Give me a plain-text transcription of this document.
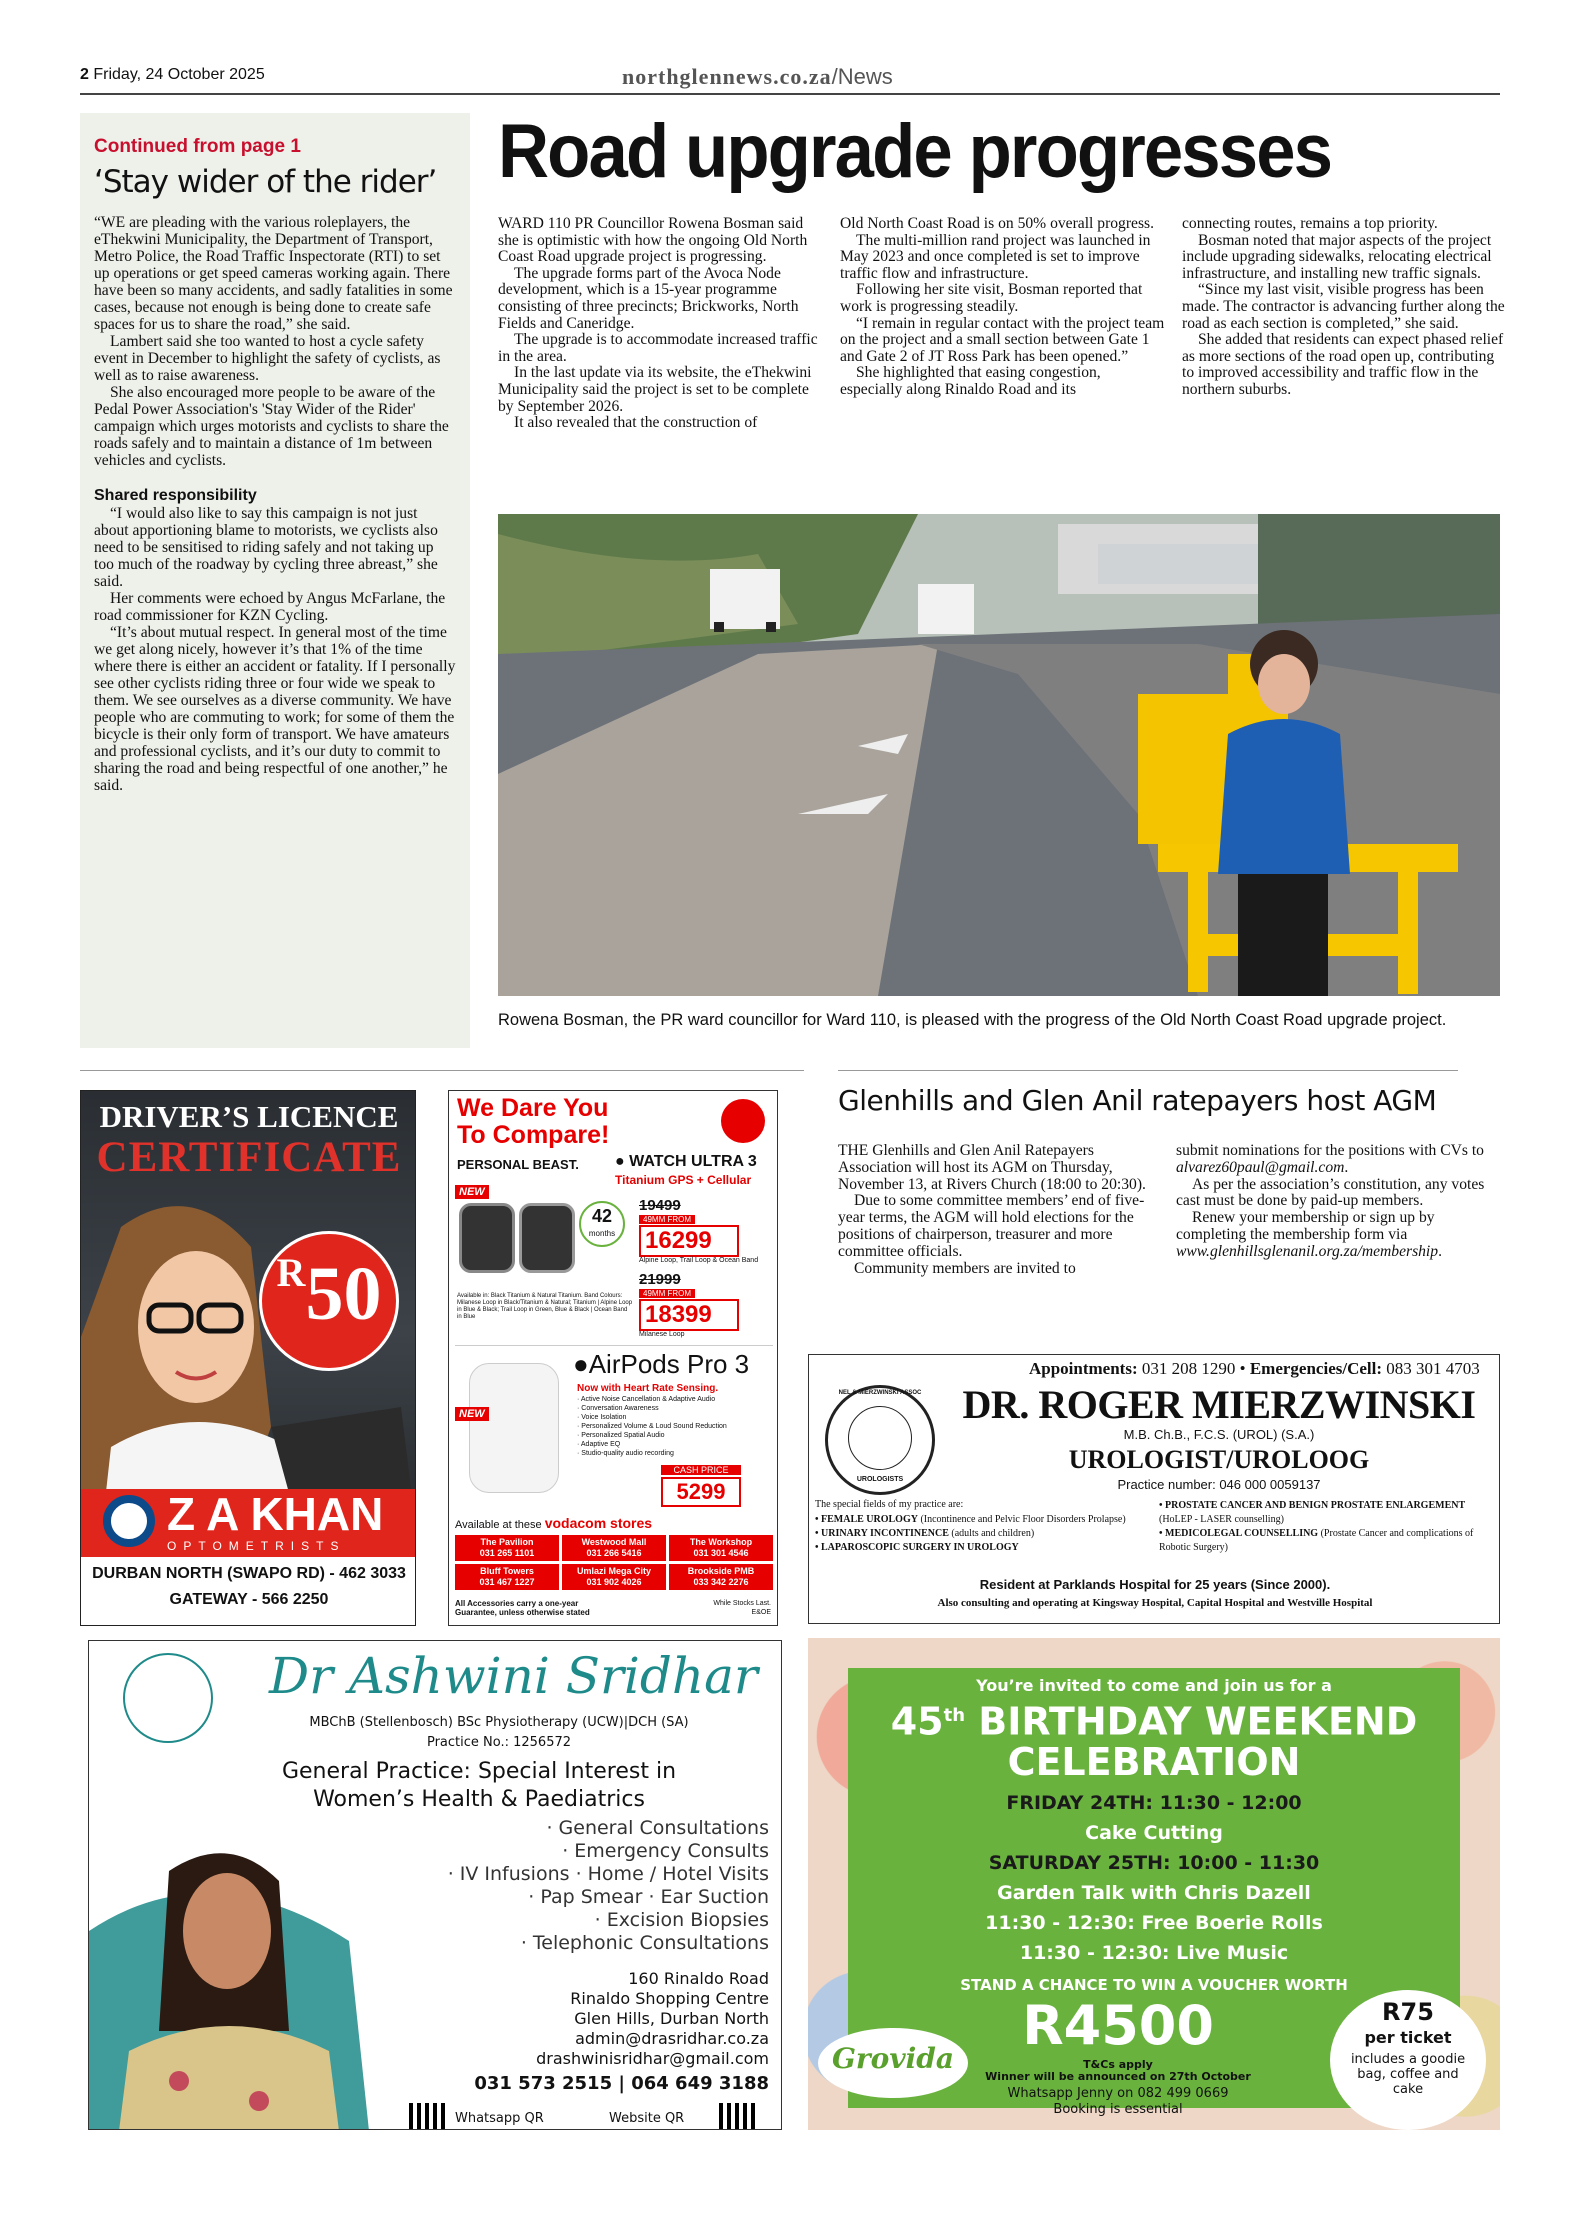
2 Friday, 24 October 2025	northglennews.co.za/News
Continued from page 1
‘Stay wider of the rider’

“WE are pleading with the various roleplayers, the eThekwini Municipality, the Department of Transport, Metro Police, the Road Traffic Inspectorate (RTI) to set up operations or get speed cameras working again. There have been so many accidents, and sadly fatalities in some cases, because not enough is being done to create safe spaces for us to share the road,” she said.

Lambert said she too wanted to host a cycle safety event in December to highlight the safety of cyclists, as well as to raise awareness.

She also encouraged more people to be aware of the Pedal Power Association's 'Stay Wider of the Rider' campaign which urges motorists and cyclists to share the roads safely and to maintain a distance of 1m between vehicles and cyclists.

Shared responsibility

“I would also like to say this campaign is not just about apportioning blame to motorists, we cyclists also need to be sensitised to riding safely and not taking up too much of the roadway by cycling three abreast,” she said.

Her comments were echoed by Angus McFarlane, the road commissioner for KZN Cycling.

“It’s about mutual respect. In general most of the time we get along nicely, however it’s that 1% of the time where there is either an accident or fatality. If I personally see other cyclists riding three or four wide we speak to them. We see ourselves as a diverse community. We have people who are commuting to work; for some of them the bicycle is their only form of transport. We have amateurs and professional cyclists, and it’s our duty to commit to sharing the road and being respectful of one another,” he said.

Road upgrade progresses

WARD 110 PR Councillor Rowena Bosman said she is optimistic with how the ongoing Old North Coast Road upgrade project is progressing.

The upgrade forms part of the Avoca Node development, which is a 15-year programme consisting of three precincts; Brickworks, North Fields and Caneridge.

The upgrade is to accommodate increased traffic in the area.

In the last update via its website, the eThekwini Municipality said the project is set to be complete by September 2026.

It also revealed that the construction of

Old North Coast Road is on 50% overall progress.

The multi-million rand project was launched in May 2023 and once completed is set to improve traffic flow and infrastructure.

Following her site visit, Bosman reported that work is progressing steadily.

“I remain in regular contact with the project team on the project and a small section between Gate 1 and Gate 2 of JT Ross Park has been opened.”

She highlighted that easing congestion, especially along Rinaldo Road and its

connecting routes, remains a top priority.

Bosman noted that major aspects of the project include upgrading sidewalks, relocating electrical infrastructure, and installing new traffic signals.

“Since my last visit, visible progress has been made. The contractor is advancing further along the road as each section is completed,” she said.

She added that residents can expect phased relief as more sections of the road open up, contributing to improved accessibility and traffic flow in the northern suburbs.

Rowena Bosman, the PR ward councillor for Ward 110, is pleased with the progress of the Old North Coast Road upgrade project.
Glenhills and Glen Anil ratepayers host AGM

THE Glenhills and Glen Anil Ratepayers Association will host its AGM on Thursday, November 13, at Rivers Church (18:00 to 20:30).

Due to some committee members’ end of five-year terms, the AGM will hold elections for the positions of chairperson, treasurer and more committee officials.

Community members are invited to

submit nominations for the positions with CVs to alvarez60paul@gmail.com.

As per the association’s constitution, any votes cast must be done by paid-up members.

Renew your membership or sign up by completing the membership form via www.glenhillsglenanil.org.za/membership.

DRIVER’S LICENCE
CERTIFICATE
R50
Z A KHAN
OPTOMETRISTS
DURBAN NORTH (SWAPO RD) - 462 3033
GATEWAY - 566 2250
We Dare You
To Compare!
PERSONAL BEAST. ● WATCH ULTRA 3
Titanium GPS + Cellular
NEW
42
months
19499
49MM FROM
16299
Alpine Loop, Trail Loop & Ocean Band
21999
49MM FROM
18399
Milanese Loop
Available in: Black Titanium & Natural Titanium. Band Colours: Milanese Loop in Black/Titanium & Natural; Titanium | Alpine Loop in Blue & Black; Trail Loop in Green, Blue & Black | Ocean Band in Blue
●AirPods Pro 3
Now with Heart Rate Sensing.
· Active Noise Cancellation & Adaptive Audio
· Conversation Awareness
· Voice Isolation
· Personalized Volume & Loud Sound Reduction
· Personalized Spatial Audio
· Adaptive EQ
· Studio-quality audio recording
NEW
CASH PRICE
5299
Available at these vodacom stores
The Pavilion
031 265 1101
Westwood Mall
031 266 5416
The Workshop
031 301 4546
Bluff Towers
031 467 1227
Umlazi Mega City
031 902 4026
Brookside PMB
033 342 2276
All Accessories carry a one-year
Guarantee, unless otherwise stated
While Stocks Last.
E&OE
Appointments: 031 208 1290 • Emergencies/Cell: 083 301 4703
NEL & MIERZWINSKI ASSOC
UROLOGISTS
DR. ROGER MIERZWINSKI
M.B. Ch.B., F.C.S. (UROL) (S.A.)
UROLOGIST/UROLOOG
Practice number: 046 000 0059137
The special fields of my practice are:
• FEMALE UROLOGY (Incontinence and Pelvic Floor Disorders Prolapse)
• URINARY INCONTINENCE (adults and children)
• LAPAROSCOPIC SURGERY IN UROLOGY
• PROSTATE CANCER AND BENIGN PROSTATE ENLARGEMENT (HoLEP - LASER counselling)
• MEDICOLEGAL COUNSELLING (Prostate Cancer and complications of Robotic Surgery)
Resident at Parklands Hospital for 25 years (Since 2000).
Also consulting and operating at Kingsway Hospital, Capital Hospital and Westville Hospital
Dr Ashwini Sridhar
MBChB (Stellenbosch) BSc Physiotherapy (UCW)|DCH (SA)
Practice No.: 1256572
General Practice: Special Interest in
Women’s Health & Paediatrics
· General Consultations
· Emergency Consults
· IV Infusions · Home / Hotel Visits
· Pap Smear · Ear Suction
· Excision Biopsies
· Telephonic Consultations
160 Rinaldo Road
Rinaldo Shopping Centre
Glen Hills, Durban North
admin@drasridhar.co.za
drashwinisridhar@gmail.com
031 573 2515 | 064 649 3188
Whatsapp QR	Website QR
You’re invited to come and join us for a
45th BIRTHDAY WEEKEND
CELEBRATION
FRIDAY 24TH: 11:30 - 12:00
Cake Cutting
SATURDAY 25TH: 10:00 - 11:30
Garden Talk with Chris Dazell
11:30 - 12:30: Free Boerie Rolls
11:30 - 12:30: Live Music
STAND A CHANCE TO WIN A VOUCHER WORTH
R4500
T&Cs apply
Winner will be announced on 27th October
Whatsapp Jenny on 082 499 0669
Booking is essential
Grovida
R75
per ticket
includes a goodie bag, coffee and cake
